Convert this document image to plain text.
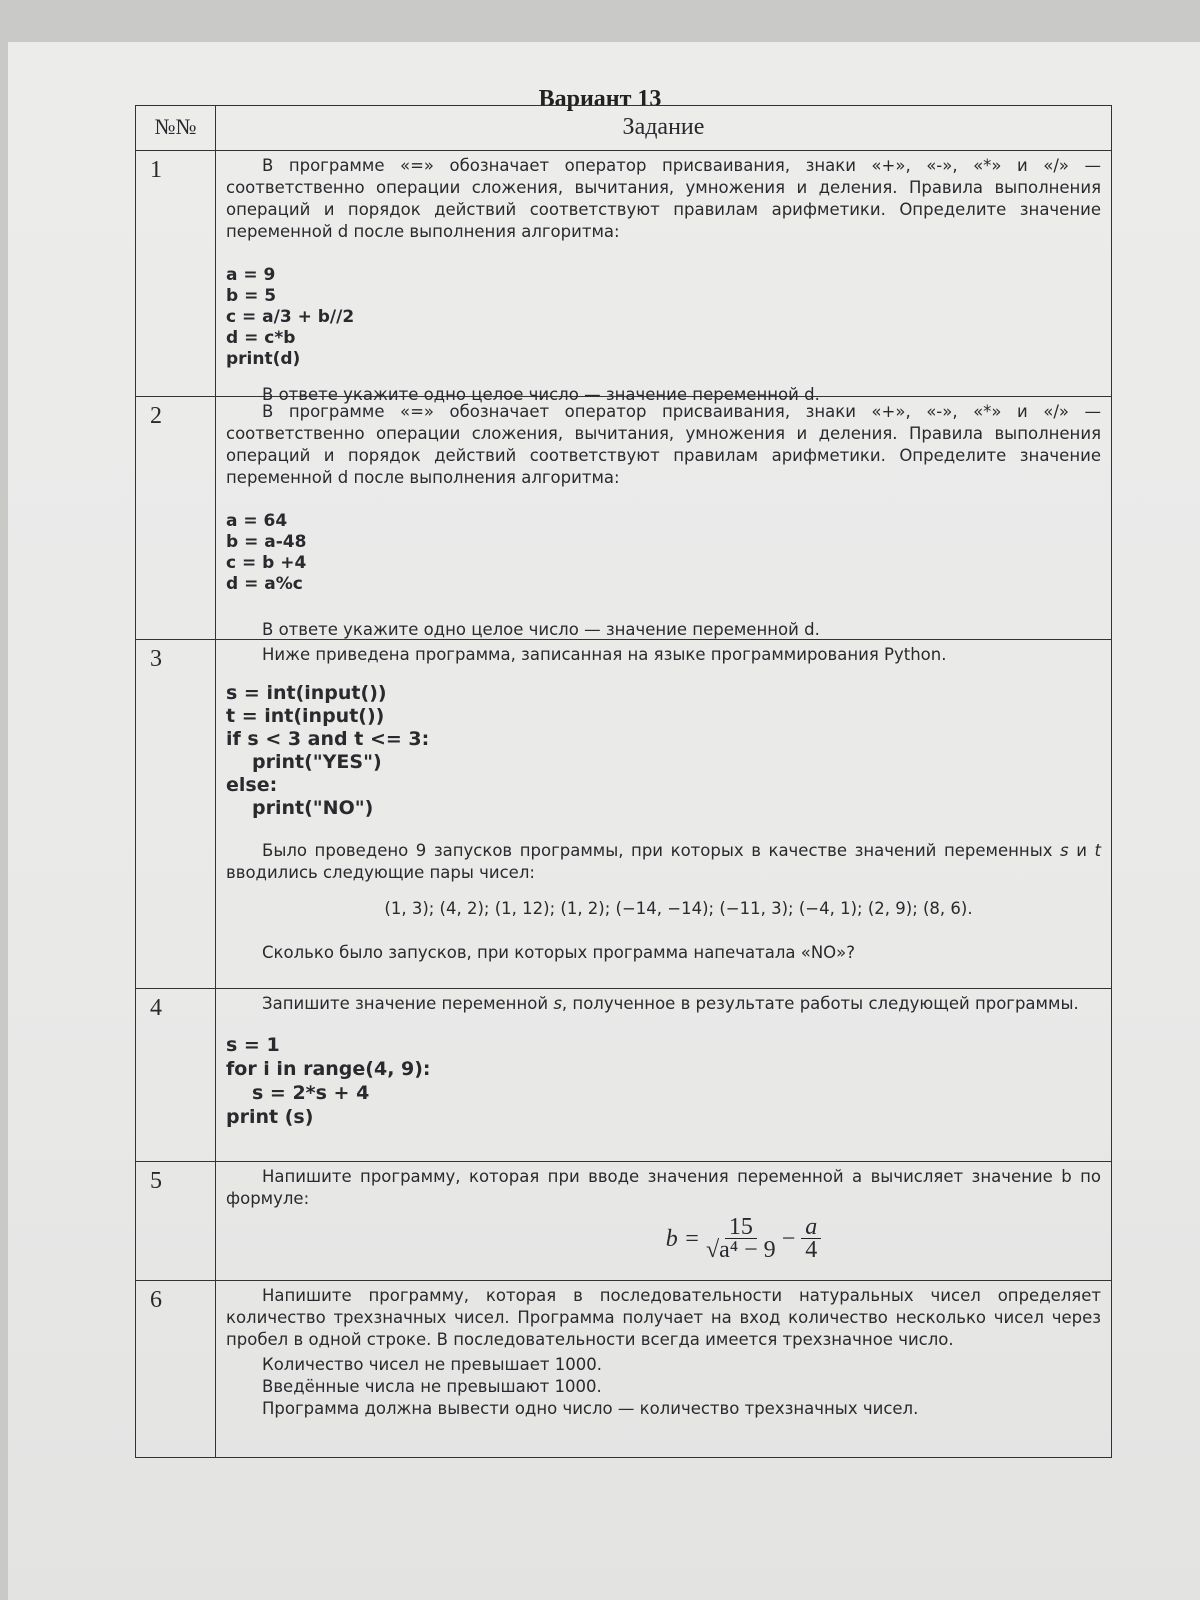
Вариант 13
№№	Задание
1	В программе «=» обозначает оператор присваивания, знаки «+», «-», «*» и «/» — соответственно операции сложения, вычитания, умножения и деления. Правила выполнения операций и порядок действий соответствуют правилам арифметики. Определите значение переменной d после выполнения алгоритма:

a = 9
b = 5
c = a/3 + b//2
d = c*b
print(d)

В ответе укажите одно целое число — значение переменной d.

2	В программе «=» обозначает оператор присваивания, знаки «+», «-», «*» и «/» — соответственно операции сложения, вычитания, умножения и деления. Правила выполнения операций и порядок действий соответствуют правилам арифметики. Определите значение переменной d после выполнения алгоритма:

a = 64
b = a-48
c = b +4
d = a%c

В ответе укажите одно целое число — значение переменной d.

3	Ниже приведена программа, записанная на языке программирования Python.

s = int(input())
t = int(input())
if s < 3 and t <= 3:
print("YES")
else:
print("NO")

Было проведено 9 запусков программы, при которых в качестве значений переменных s и t вводились следующие пары чисел:

(1, 3); (4, 2); (1, 12); (1, 2); (−14, −14); (−11, 3); (−4, 1); (2, 9); (8, 6).

Сколько было запусков, при которых программа напечатала «NO»?

4	Запишите значение переменной s, полученное в результате работы следующей программы.

s = 1
for i in range(4, 9):
s = 2*s + 4
print (s)
5	Напишите программу, которая при вводе значения переменной a вычисляет значение b по формуле:

$b = \frac{15}{\text{√a⁴ − 9}} - \frac{a}{4}$
6	Напишите программу, которая в последовательности натуральных чисел определяет количество трехзначных чисел. Программа получает на вход количество несколько чисел через пробел в одной строке. В последовательности всегда имеется трехзначное число.

Количество чисел не превышает 1000.

Введённые числа не превышают 1000.

Программа должна вывести одно число — количество трехзначных чисел.
